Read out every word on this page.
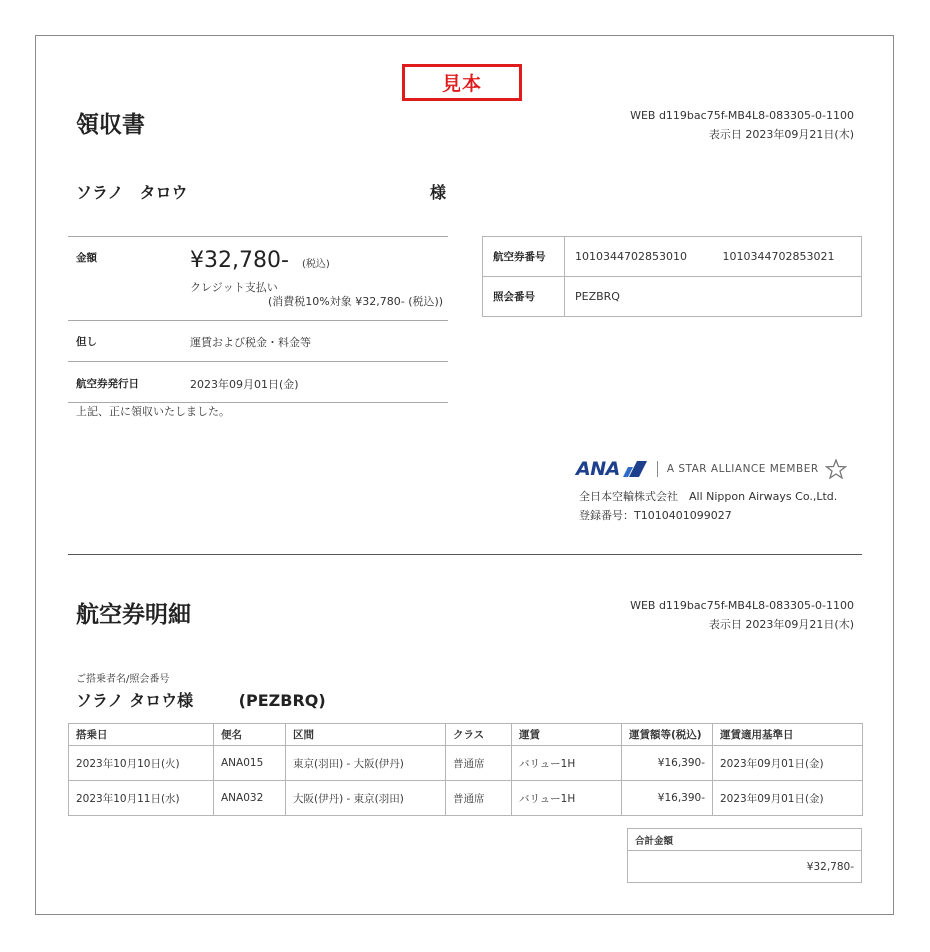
見本
領収書	WEB d119bac75f-MB4L8-083305-0-1100
表示日 2023年09月21日(木)
ソラノ　タロウ	様
金額	¥32,780- (税込)
クレジット支払い
(消費税10%対象 ¥32,780- (税込))
但し	運賃および税金・料金等
航空券発行日	2023年09月01日(金)
上記、正に領収いたしました。
航空券番号	1010344702853010 1010344702853021
照会番号	PEZBRQ
ANA	A STAR ALLIANCE MEMBER
全日本空輸株式会社　All Nippon Airways Co.,Ltd.
登録番号：T1010401099027
航空券明細	WEB d119bac75f-MB4L8-083305-0-1100
表示日 2023年09月21日(木)
ご搭乗者名/照会番号
ソラノ タロウ様	(PEZBRQ)
搭乗日	便名	区間	クラス	運賃	運賃額等(税込)	運賃適用基準日
2023年10月10日(火)	ANA015	東京(羽田) - 大阪(伊丹)	普通席	バリュー1H	¥16,390-	2023年09月01日(金)
2023年10月11日(水)	ANA032	大阪(伊丹) - 東京(羽田)	普通席	バリュー1H	¥16,390-	2023年09月01日(金)
合計金額
¥32,780-
